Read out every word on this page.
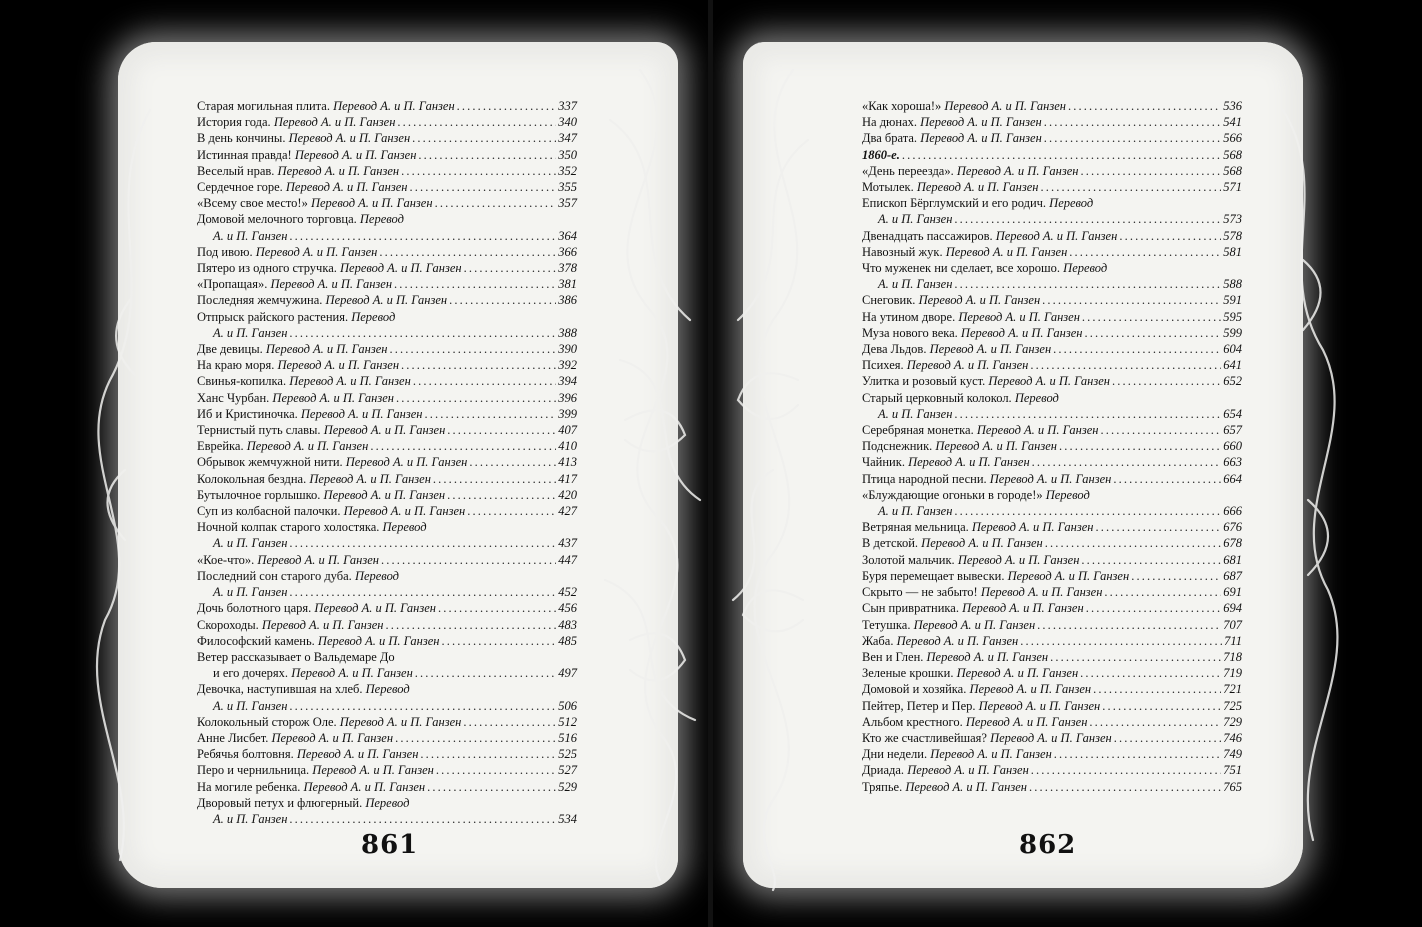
Старая могильная плита.
Перевод А. и П. Ганзен . . .	337
История года.
Перевод А. и П. Ганзен . . .	340
В день кончины.
Перевод А. и П. Ганзен . . .	347
Истинная правда!
Перевод А. и П. Ганзен . . .	350
Веселый нрав.
Перевод А. и П. Ганзен . . .	352
Сердечное горе.
Перевод А. и П. Ганзен . . .	355
«Всему свое место!»
Перевод А. и П. Ганзен . . .	357
Домовой мелочного торговца.
Перевод
А. и П. Ганзен . . .	364
Под ивою.
Перевод А. и П. Ганзен . . .	366
Пятеро из одного стручка.
Перевод А. и П. Ганзен . . .	378
«Пропащая».
Перевод А. и П. Ганзен . . .	381
Последняя жемчужина.
Перевод А. и П. Ганзен . . .	386
Отпрыск райского растения.
Перевод
А. и П. Ганзен . . .	388
Две девицы.
Перевод А. и П. Ганзен . . .	390
На краю моря.
Перевод А. и П. Ганзен . . .	392
Свинья-копилка.
Перевод А. и П. Ганзен . . .	394
Ханс Чурбан.
Перевод А. и П. Ганзен . . .	396
Иб и Кристиночка.
Перевод А. и П. Ганзен . . .	399
Тернистый путь славы.
Перевод А. и П. Ганзен . . .	407
Еврейка.
Перевод А. и П. Ганзен . . .	410
Обрывок жемчужной нити.
Перевод А. и П. Ганзен . . .	413
Колокольная бездна.
Перевод А. и П. Ганзен . . .	417
Бутылочное горлышко.
Перевод А. и П. Ганзен . . .	420
Суп из колбасной палочки.
Перевод А. и П. Ганзен . . .	427
Ночной колпак старого холостяка.
Перевод
А. и П. Ганзен . . .	437
«Кое-что».
Перевод А. и П. Ганзен . . .	447
Последний сон старого дуба.
Перевод
А. и П. Ганзен . . .	452
Дочь болотного царя.
Перевод А. и П. Ганзен . . .	456
Скороходы.
Перевод А. и П. Ганзен . . .	483
Философский камень.
Перевод А. и П. Ганзен . . .	485
Ветер рассказывает о Вальдемаре До
и его дочерях.
Перевод А. и П. Ганзен . . .	497
Девочка, наступившая на хлеб.
Перевод
А. и П. Ганзен . . .	506
Колокольный сторож Оле.
Перевод А. и П. Ганзен . . .	512
Анне Лисбет.
Перевод А. и П. Ганзен . . .	516
Ребячья болтовня.
Перевод А. и П. Ганзен . . .	525
Перо и чернильница.
Перевод А. и П. Ганзен . . .	527
На могиле ребенка.
Перевод А. и П. Ганзен . . .	529
Дворовый петух и флюгерный.
Перевод
А. и П. Ганзен . . .	534
861
«Как хороша!»
Перевод А. и П. Ганзен . . .	536
На дюнах.
Перевод А. и П. Ганзен . . .	541
Два брата.
Перевод А. и П. Ганзен . . .	566
1860-е. . . .	568
«День переезда».
Перевод А. и П. Ганзен . . .	568
Мотылек.
Перевод А. и П. Ганзен . . .	571
Епископ Бёрглумский и его родич.
Перевод
А. и П. Ганзен . . .	573
Двенадцать пассажиров.
Перевод А. и П. Ганзен . . .	578
Навозный жук.
Перевод А. и П. Ганзен . . .	581
Что муженек ни сделает, все хорошо.
Перевод
А. и П. Ганзен . . .	588
Снеговик.
Перевод А. и П. Ганзен . . .	591
На утином дворе.
Перевод А. и П. Ганзен . . .	595
Муза нового века.
Перевод А. и П. Ганзен . . .	599
Дева Льдов.
Перевод А. и П. Ганзен . . .	604
Психея.
Перевод А. и П. Ганзен . . .	641
Улитка и розовый куст.
Перевод А. и П. Ганзен . . .	652
Старый церковный колокол.
Перевод
А. и П. Ганзен . . .	654
Серебряная монетка.
Перевод А. и П. Ганзен . . .	657
Подснежник.
Перевод А. и П. Ганзен . . .	660
Чайник.
Перевод А. и П. Ганзен . . .	663
Птица народной песни.
Перевод А. и П. Ганзен . . .	664
«Блуждающие огоньки в городе!»
Перевод
А. и П. Ганзен . . .	666
Ветряная мельница.
Перевод А. и П. Ганзен . . .	676
В детской.
Перевод А. и П. Ганзен . . .	678
Золотой мальчик.
Перевод А. и П. Ганзен . . .	681
Буря перемещает вывески.
Перевод А. и П. Ганзен . . .	687
Скрыто — не забыто!
Перевод А. и П. Ганзен . . .	691
Сын привратника.
Перевод А. и П. Ганзен . . .	694
Тетушка.
Перевод А. и П. Ганзен . . .	707
Жаба.
Перевод А. и П. Ганзен . . .	711
Вен и Глен.
Перевод А. и П. Ганзен . . .	718
Зеленые крошки.
Перевод А. и П. Ганзен . . .	719
Домовой и хозяйка.
Перевод А. и П. Ганзен . . .	721
Пейтер, Петер и Пер.
Перевод А. и П. Ганзен . . .	725
Альбом крестного.
Перевод А. и П. Ганзен . . .	729
Кто же счастливейшая?
Перевод А. и П. Ганзен . . .	746
Дни недели.
Перевод А. и П. Ганзен . . .	749
Дриада.
Перевод А. и П. Ганзен . . .	751
Тряпье.
Перевод А. и П. Ганзен . . .	765
862
